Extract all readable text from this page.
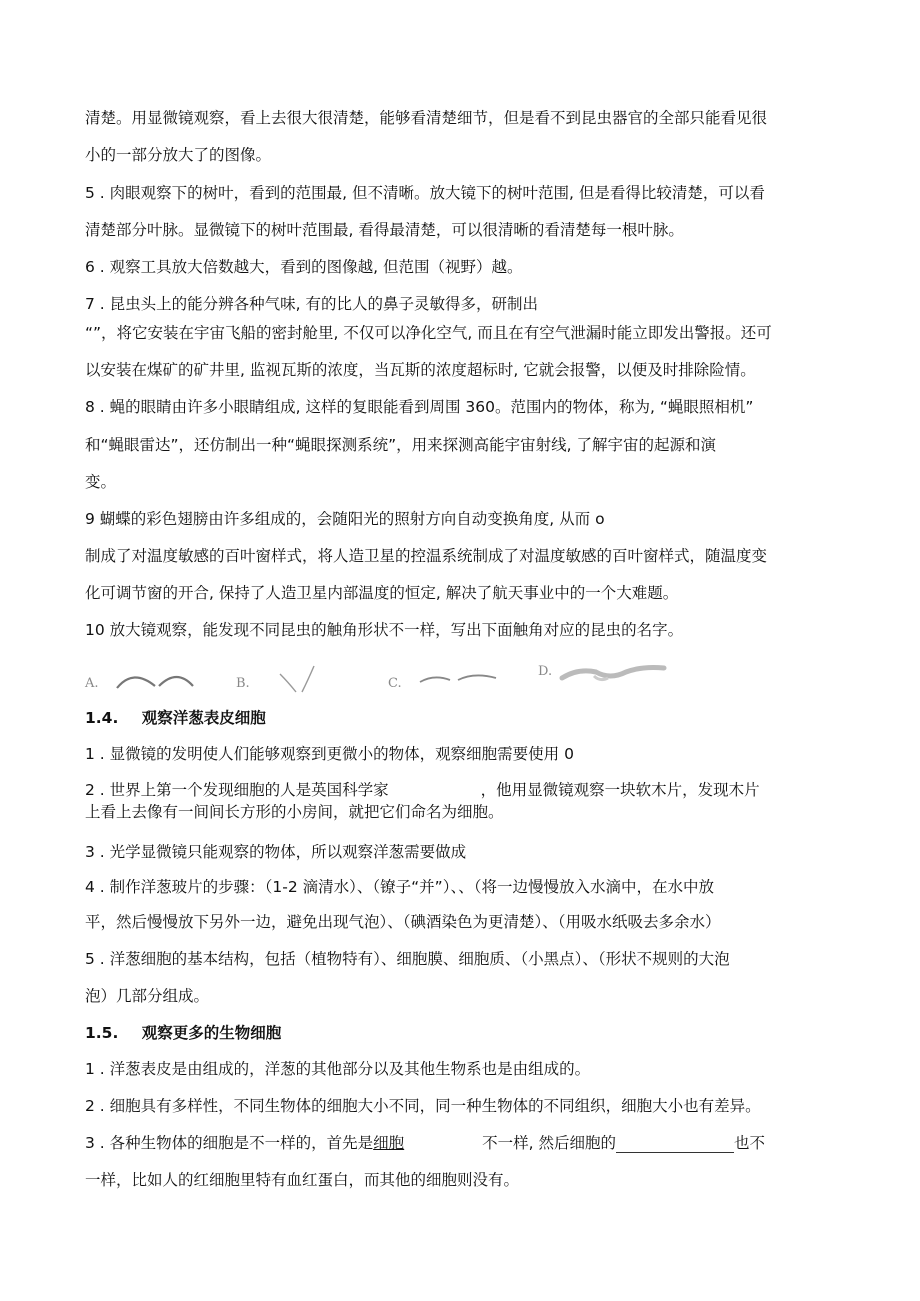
清楚。用显微镜观察，看上去很大很清楚，能够看清楚细节，但是看不到昆虫器官的全部只能看见很
小的一部分放大了的图像。
5 . 肉眼观察下的树叶，看到的范围最, 但不清晰。放大镜下的树叶范围, 但是看得比较清楚，可以看
清楚部分叶脉。显微镜下的树叶范围最, 看得最清楚，可以很清晰的看清楚每一根叶脉。
6 . 观察工具放大倍数越大，看到的图像越, 但范围（视野）越。
7 . 昆虫头上的能分辨各种气味, 有的比人的鼻子灵敏得多，研制出
“”，将它安装在宇宙飞船的密封舱里, 不仅可以净化空气, 而且在有空气泄漏时能立即发出警报。还可
以安装在煤矿的矿井里, 监视瓦斯的浓度，当瓦斯的浓度超标时, 它就会报警，以便及时排除险情。
8 . 蝇的眼睛由许多小眼睛组成, 这样的复眼能看到周围 360。范围内的物体，称为, “蝇眼照相机”
和“蝇眼雷达”，还仿制出一种“蝇眼探测系统”，用来探测高能宇宙射线, 了解宇宙的起源和演
变。
9 蝴蝶的彩色翅膀由许多组成的，会随阳光的照射方向自动变换角度, 从而 o
制成了对温度敏感的百叶窗样式，将人造卫星的控温系统制成了对温度敏感的百叶窗样式，随温度变
化可调节窗的开合, 保持了人造卫星内部温度的恒定, 解决了航天事业中的一个大难题。
10 放大镜观察，能发现不同昆虫的触角形状不一样，写出下面触角对应的昆虫的名字。
A.	B.	C.
D.
1.4. 观察洋葱表皮细胞
1 . 显微镜的发明使人们能够观察到更微小的物体，观察细胞需要使用 0
2 . 世界上第一个发现细胞的人是英国科学家	，他用显微镜观察一块软木片，发现木片
上看上去像有一间间长方形的小房间，就把它们命名为细胞。
3 . 光学显微镜只能观察的物体，所以观察洋葱需要做成
4 . 制作洋葱玻片的步骤：（1-2 滴清水）、（镣子“并”）、、（将一边慢慢放入水滴中，在水中放
平，然后慢慢放下另外一边，避免出现气泡）、（碘酒染色为更清楚）、（用吸水纸吸去多余水）
5 . 洋葱细胞的基本结构，包括（植物特有）、细胞膜、细胞质、（小黑点）、（形状不规则的大泡
泡）几部分组成。
1.5. 观察更多的生物细胞
1 . 洋葱表皮是由组成的，洋葱的其他部分以及其他生物系也是由组成的。
2 . 细胞具有多样性，不同生物体的细胞大小不同，同一种生物体的不同组织，细胞大小也有差异。
3 . 各种生物体的细胞是不一样的，首先是细胞	不一样, 然后细胞的	也不
一样，比如人的红细胞里特有血红蛋白，而其他的细胞则没有。
